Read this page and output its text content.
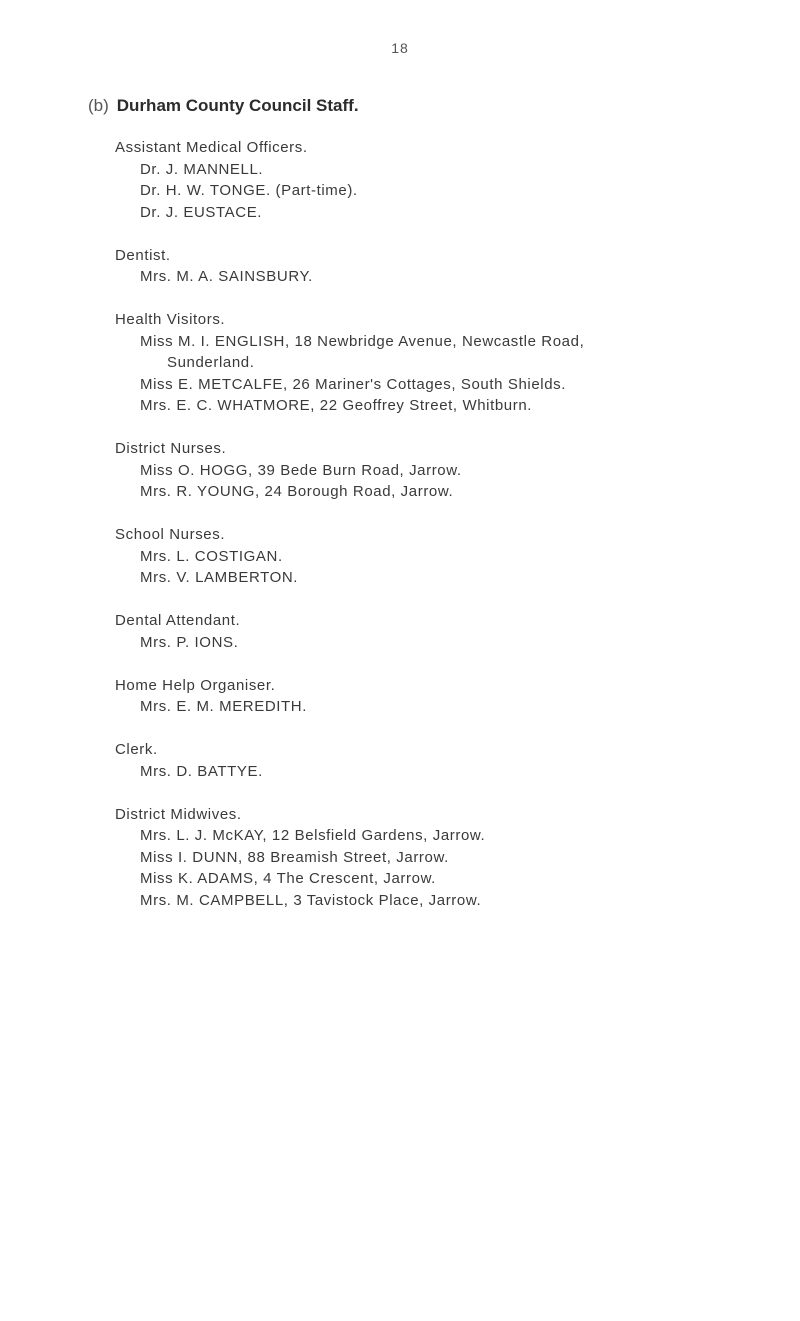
18
(b) Durham County Council Staff.
Assistant Medical Officers.
Dr. J. MANNELL.
Dr. H. W. TONGE. (Part-time).
Dr. J. EUSTACE.
Dentist.
Mrs. M. A. SAINSBURY.
Health Visitors.
Miss M. I. ENGLISH, 18 Newbridge Avenue, Newcastle Road,
Sunderland.
Miss E. METCALFE, 26 Mariner's Cottages, South Shields.
Mrs. E. C. WHATMORE, 22 Geoffrey Street, Whitburn.
District Nurses.
Miss O. HOGG, 39 Bede Burn Road, Jarrow.
Mrs. R. YOUNG, 24 Borough Road, Jarrow.
School Nurses.
Mrs. L. COSTIGAN.
Mrs. V. LAMBERTON.
Dental Attendant.
Mrs. P. IONS.
Home Help Organiser.
Mrs. E. M. MEREDITH.
Clerk.
Mrs. D. BATTYE.
District Midwives.
Mrs. L. J. McKAY, 12 Belsfield Gardens, Jarrow.
Miss I. DUNN, 88 Breamish Street, Jarrow.
Miss K. ADAMS, 4 The Crescent, Jarrow.
Mrs. M. CAMPBELL, 3 Tavistock Place, Jarrow.
